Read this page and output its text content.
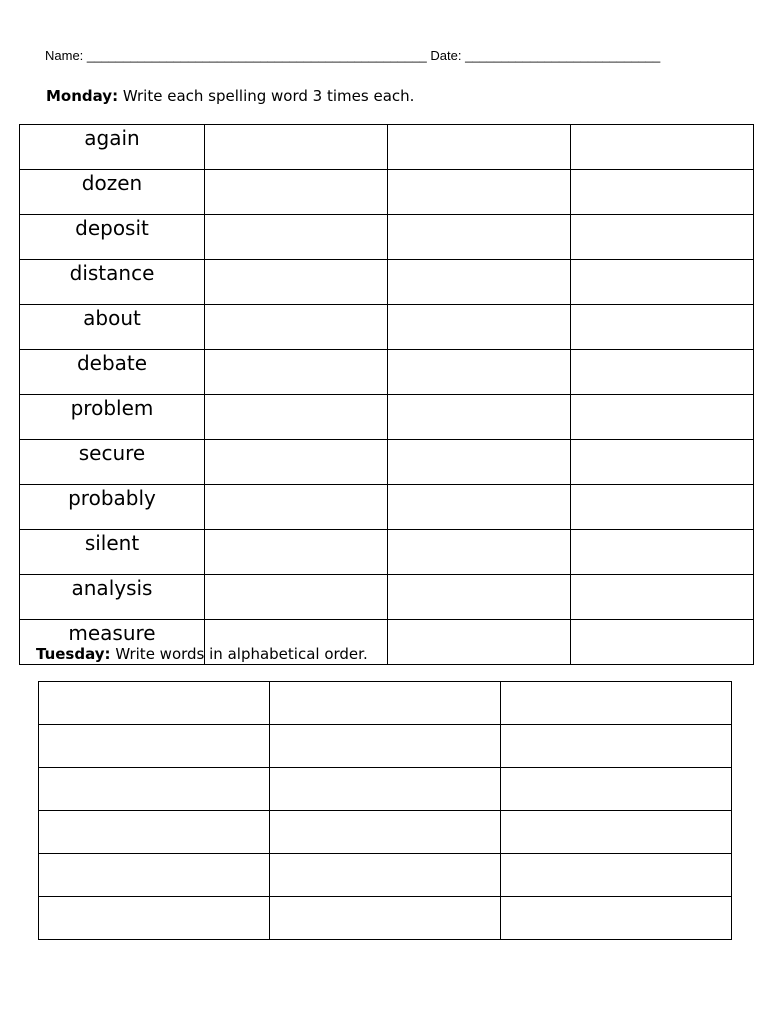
Name: _______________________________________________ Date: ___________________________
Monday: Write each spelling word 3 times each.
again			
dozen			
deposit			
distance			
about			
debate			
problem			
secure			
probably			
silent			
analysis			
measure			
Tuesday: Write words in alphabetical order.
